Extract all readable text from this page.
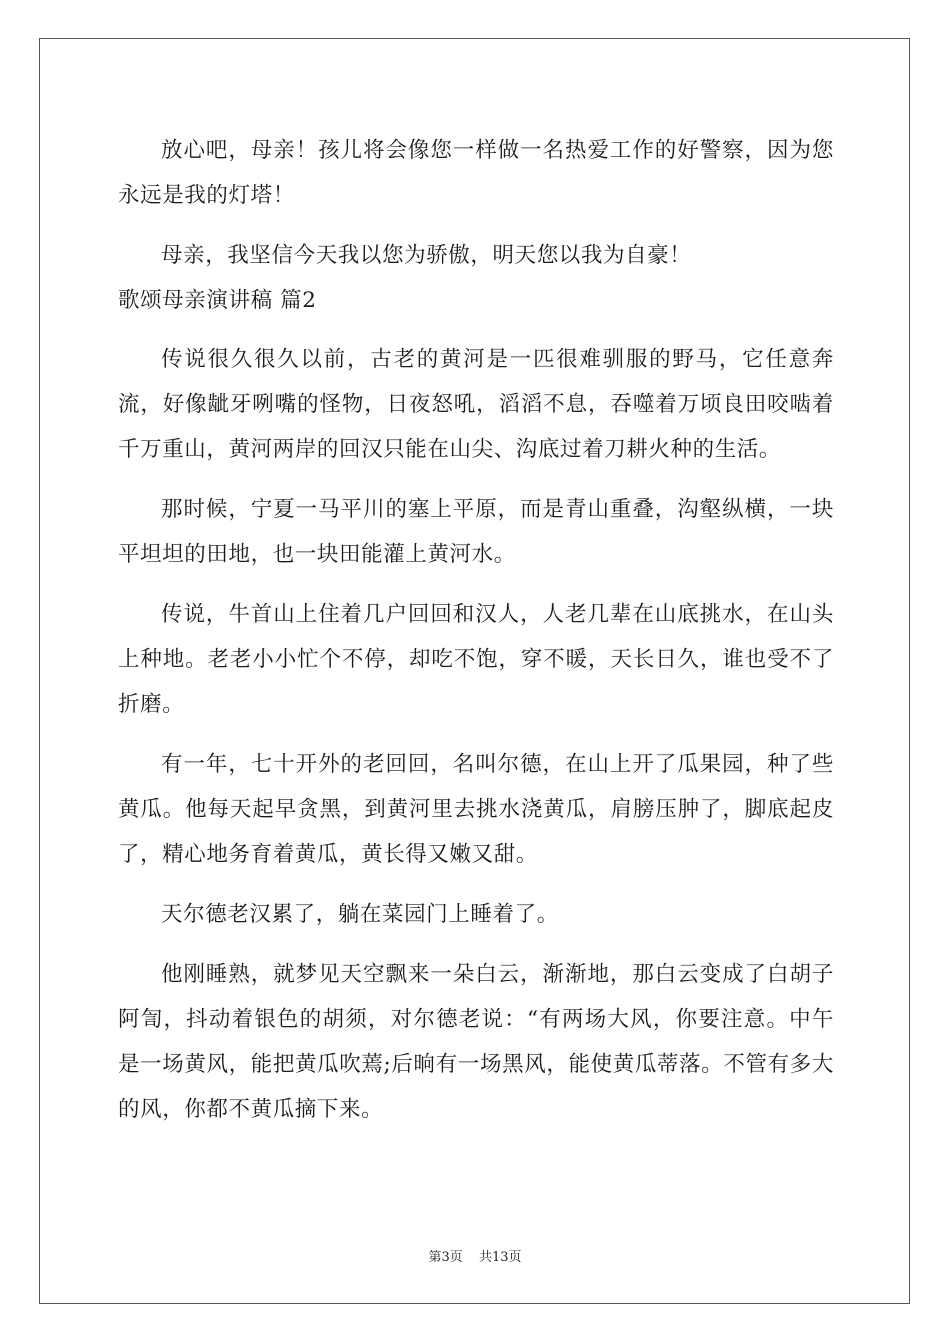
放心吧，母亲！孩儿将会像您一样做一名热爱工作的好警察，因为您永远是我的灯塔！

母亲，我坚信今天我以您为骄傲，明天您以我为自豪！

歌颂母亲演讲稿 篇2

传说很久很久以前，古老的黄河是一匹很难驯服的野马，它任意奔流，好像龇牙咧嘴的怪物，日夜怒吼，滔滔不息，吞噬着万顷良田咬啮着千万重山，黄河两岸的回汉只能在山尖、沟底过着刀耕火种的生活。

那时候，宁夏一马平川的塞上平原，而是青山重叠，沟壑纵横，一块平坦坦的田地，也一块田能灌上黄河水。

传说，牛首山上住着几户回回和汉人，人老几辈在山底挑水，在山头上种地。老老小小忙个不停，却吃不饱，穿不暖，天长日久，谁也受不了折磨。

有一年，七十开外的老回回，名叫尔德，在山上开了瓜果园，种了些黄瓜。他每天起早贪黑，到黄河里去挑水浇黄瓜，肩膀压肿了，脚底起皮了，精心地务育着黄瓜，黄长得又嫩又甜。

天尔德老汉累了，躺在菜园门上睡着了。

他刚睡熟，就梦见天空飘来一朵白云，渐渐地，那白云变成了白胡子阿訇，抖动着银色的胡须，对尔德老说：“有两场大风，你要注意。中午是一场黄风，能把黄瓜吹蔫;后晌有一场黑风，能使黄瓜蒂落。不管有多大的风，你都不黄瓜摘下来。

第3页 共13页
